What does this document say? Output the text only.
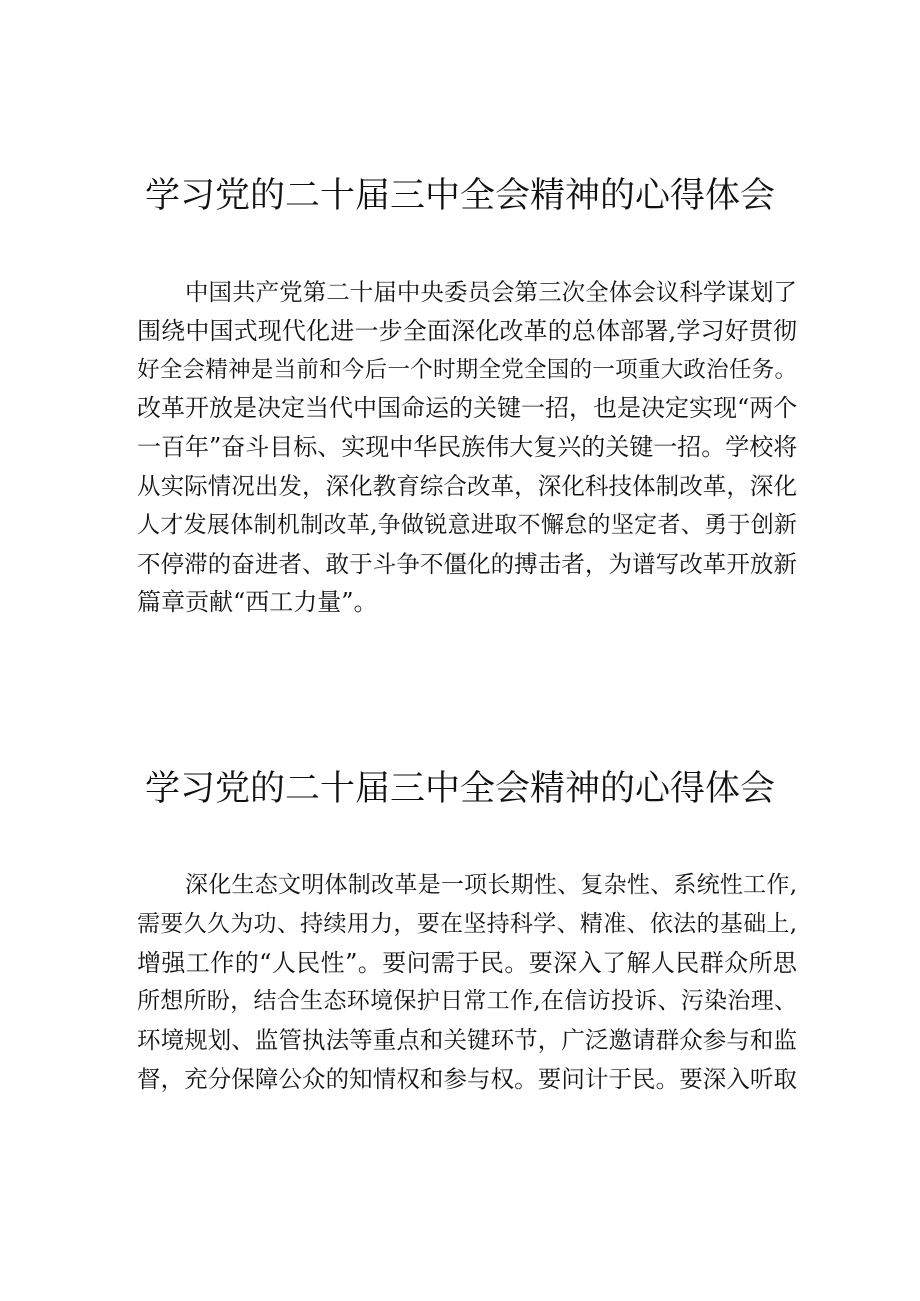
学习党的二十届三中全会精神的心得体会
中国共产党第二十届中央委员会第三次全体会议科学谋划了
围绕中国式现代化进一步全面深化改革的总体部署,学习好贯彻
好全会精神是当前和今后一个时期全党全国的一项重大政治任务。
改革开放是决定当代中国命运的关键一招，也是决定实现“两个
一百年”奋斗目标、实现中华民族伟大复兴的关键一招。学校将
从实际情况出发，深化教育综合改革，深化科技体制改革，深化
人才发展体制机制改革,争做锐意进取不懈怠的坚定者、勇于创新
不停滞的奋进者、敢于斗争不僵化的搏击者，为谱写改革开放新
篇章贡献“西工力量”。
学习党的二十届三中全会精神的心得体会
深化生态文明体制改革是一项长期性、复杂性、系统性工作,
需要久久为功、持续用力，要在坚持科学、精准、依法的基础上,
增强工作的“人民性”。要问需于民。要深入了解人民群众所思
所想所盼，结合生态环境保护日常工作,在信访投诉、污染治理、
环境规划、监管执法等重点和关键环节，广泛邀请群众参与和监
督，充分保障公众的知情权和参与权。要问计于民。要深入听取
